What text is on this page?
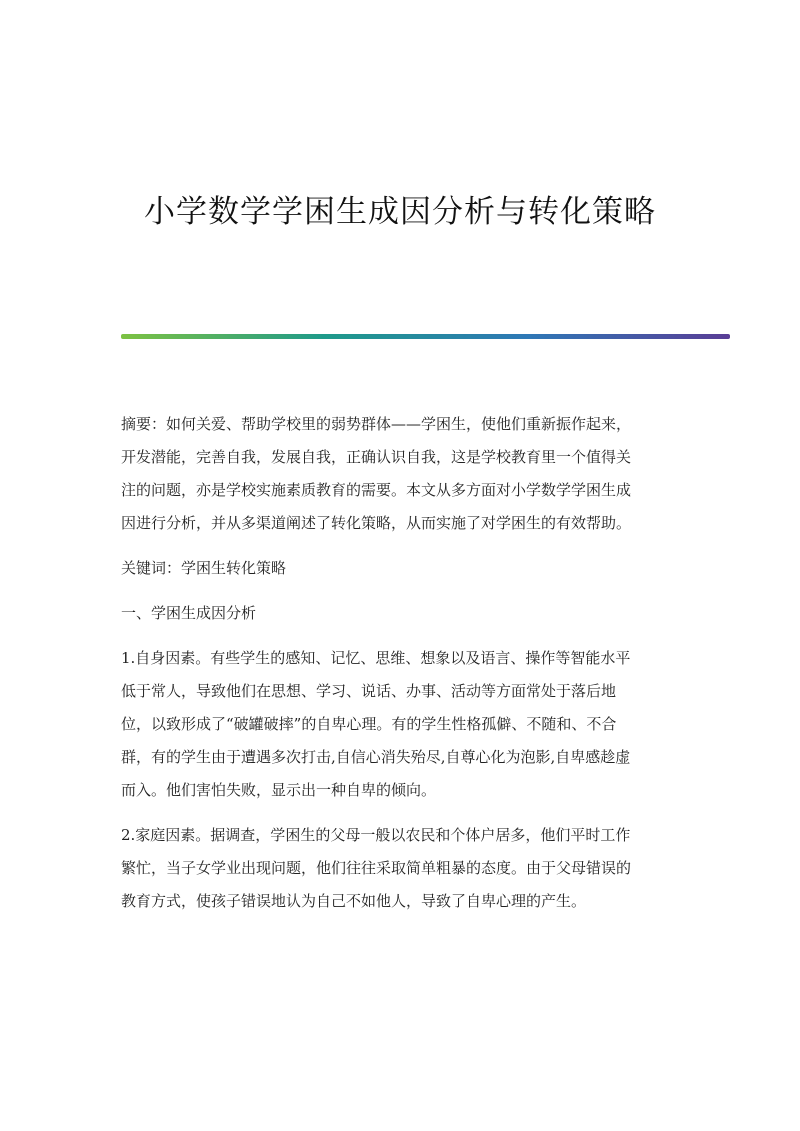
小学数学学困生成因分析与转化策略
摘要：如何关爱、帮助学校里的弱势群体——学困生，使他们重新振作起来，
开发潜能，完善自我，发展自我，正确认识自我，这是学校教育里一个值得关
注的问题，亦是学校实施素质教育的需要。本文从多方面对小学数学学困生成
因进行分析，并从多渠道阐述了转化策略，从而实施了对学困生的有效帮助。
关键词：学困生转化策略
一、学困生成因分析
1.自身因素。有些学生的感知、记忆、思维、想象以及语言、操作等智能水平
低于常人，导致他们在思想、学习、说话、办事、活动等方面常处于落后地
位，以致形成了“破罐破摔”的自卑心理。有的学生性格孤僻、不随和、不合
群，有的学生由于遭遇多次打击,自信心消失殆尽,自尊心化为泡影,自卑感趁虚
而入。他们害怕失败，显示出一种自卑的倾向。
2.家庭因素。据调查，学困生的父母一般以农民和个体户居多，他们平时工作
繁忙，当子女学业出现问题，他们往往采取简单粗暴的态度。由于父母错误的
教育方式，使孩子错误地认为自己不如他人，导致了自卑心理的产生。
